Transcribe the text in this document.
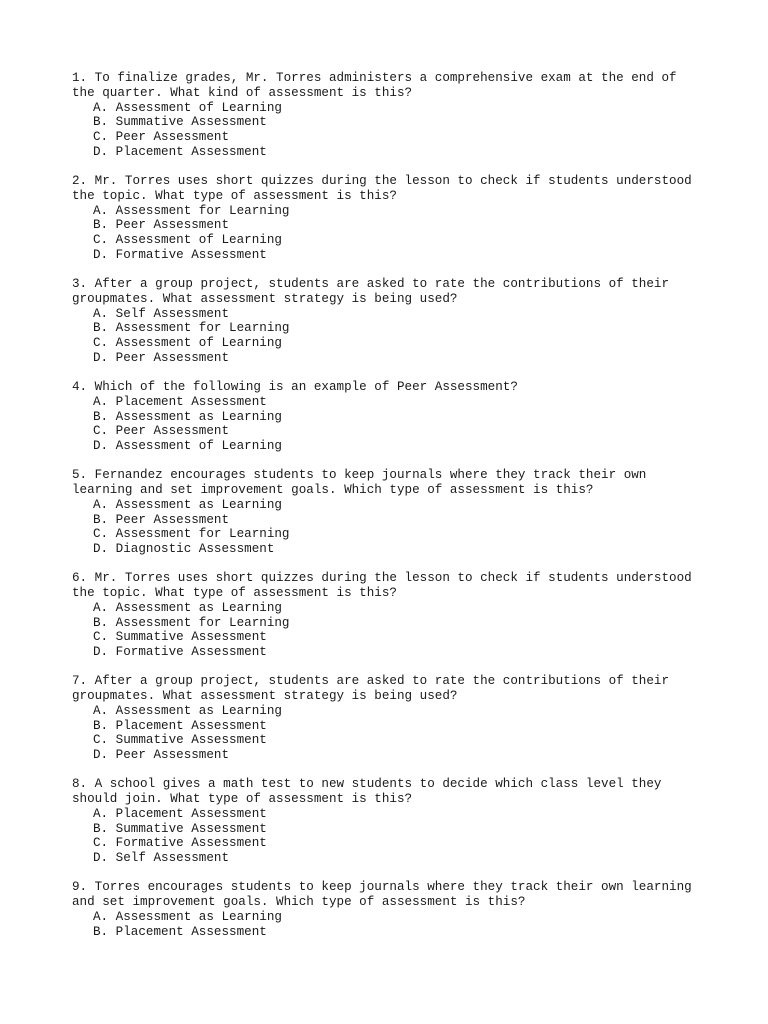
1. To finalize grades, Mr. Torres administers a comprehensive exam at the end of the quarter. What kind of assessment is this?
A. Assessment of Learning
B. Summative Assessment
C. Peer Assessment
D. Placement Assessment
2. Mr. Torres uses short quizzes during the lesson to check if students understood the topic. What type of assessment is this?
A. Assessment for Learning
B. Peer Assessment
C. Assessment of Learning
D. Formative Assessment
3. After a group project, students are asked to rate the contributions of their groupmates. What assessment strategy is being used?
A. Self Assessment
B. Assessment for Learning
C. Assessment of Learning
D. Peer Assessment
4. Which of the following is an example of Peer Assessment?
A. Placement Assessment
B. Assessment as Learning
C. Peer Assessment
D. Assessment of Learning
5. Fernandez encourages students to keep journals where they track their own learning and set improvement goals. Which type of assessment is this?
A. Assessment as Learning
B. Peer Assessment
C. Assessment for Learning
D. Diagnostic Assessment
6. Mr. Torres uses short quizzes during the lesson to check if students understood the topic. What type of assessment is this?
A. Assessment as Learning
B. Assessment for Learning
C. Summative Assessment
D. Formative Assessment
7. After a group project, students are asked to rate the contributions of their groupmates. What assessment strategy is being used?
A. Assessment as Learning
B. Placement Assessment
C. Summative Assessment
D. Peer Assessment
8. A school gives a math test to new students to decide which class level they should join. What type of assessment is this?
A. Placement Assessment
B. Summative Assessment
C. Formative Assessment
D. Self Assessment
9. Torres encourages students to keep journals where they track their own learning and set improvement goals. Which type of assessment is this?
A. Assessment as Learning
B. Placement Assessment
